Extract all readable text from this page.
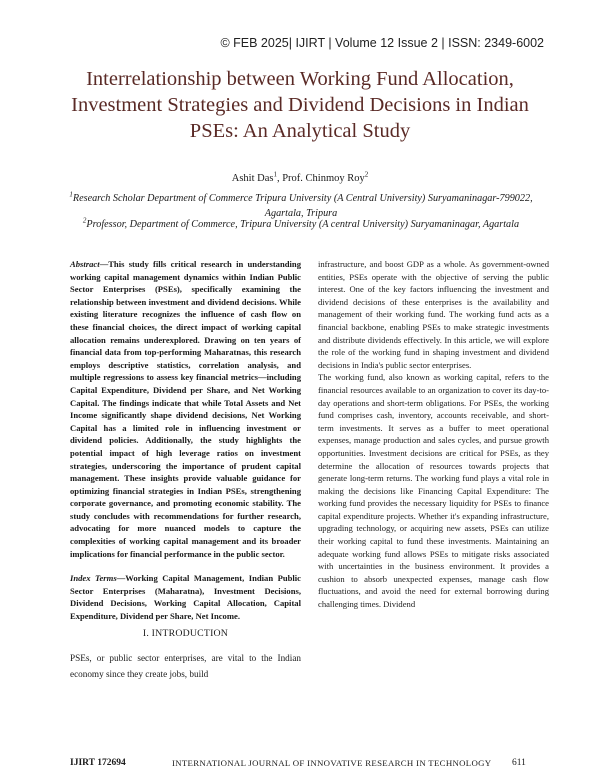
© FEB 2025| IJIRT | Volume 12 Issue 2 | ISSN: 2349-6002
Interrelationship between Working Fund Allocation, Investment Strategies and Dividend Decisions in Indian PSEs: An Analytical Study
Ashit Das$^1$, Prof. Chinmoy Roy$^2$
$^1$Research Scholar Department of Commerce Tripura University (A Central University) Suryamaninagar-799022, Agartala, Tripura
$^2$Professor, Department of Commerce, Tripura University (A central University) Suryamaninagar, Agartala
Abstract—This study fills critical research in understanding working capital management dynamics within Indian Public Sector Enterprises (PSEs), specifically examining the relationship between investment and dividend decisions. While existing literature recognizes the influence of cash flow on these financial choices, the direct impact of working capital allocation remains underexplored. Drawing on ten years of financial data from top-performing Maharatnas, this research employs descriptive statistics, correlation analysis, and multiple regressions to assess key financial metrics—including Capital Expenditure, Dividend per Share, and Net Working Capital. The findings indicate that while Total Assets and Net Income significantly shape dividend decisions, Net Working Capital has a limited role in influencing investment or dividend policies. Additionally, the study highlights the potential impact of high leverage ratios on investment strategies, underscoring the importance of prudent capital management. These insights provide valuable guidance for optimizing financial strategies in Indian PSEs, strengthening corporate governance, and promoting economic stability. The study concludes with recommendations for further research, advocating for more nuanced models to capture the complexities of working capital management and its broader implications for financial performance in the public sector.
Index Terms—Working Capital Management, Indian Public Sector Enterprises (Maharatna), Investment Decisions, Dividend Decisions, Working Capital Allocation, Capital Expenditure, Dividend per Share, Net Income.
I. INTRODUCTION
PSEs, or public sector enterprises, are vital to the Indian economy since they create jobs, build

infrastructure, and boost GDP as a whole. As government-owned entities, PSEs operate with the objective of serving the public interest. One of the key factors influencing the investment and dividend decisions of these enterprises is the availability and management of their working fund. The working fund acts as a financial backbone, enabling PSEs to make strategic investments and distribute dividends effectively. In this article, we will explore the role of the working fund in shaping investment and dividend decisions in India's public sector enterprises.

The working fund, also known as working capital, refers to the financial resources available to an organization to cover its day-to-day operations and short-term obligations. For PSEs, the working fund comprises cash, inventory, accounts receivable, and short-term investments. It serves as a buffer to meet operational expenses, manage production and sales cycles, and pursue growth opportunities. Investment decisions are critical for PSEs, as they determine the allocation of resources towards projects that generate long-term returns. The working fund plays a vital role in making the decisions like Financing Capital Expenditure: The working fund provides the necessary liquidity for PSEs to finance capital expenditure projects. Whether it's expanding infrastructure, upgrading technology, or acquiring new assets, PSEs can utilize their working capital to fund these investments. Maintaining an adequate working fund allows PSEs to mitigate risks associated with uncertainties in the business environment. It provides a cushion to absorb unexpected expenses, manage cash flow fluctuations, and avoid the need for external borrowing during challenging times. Dividend

IJIRT 172694	INTERNATIONAL JOURNAL OF INNOVATIVE RESEARCH IN TECHNOLOGY 611
